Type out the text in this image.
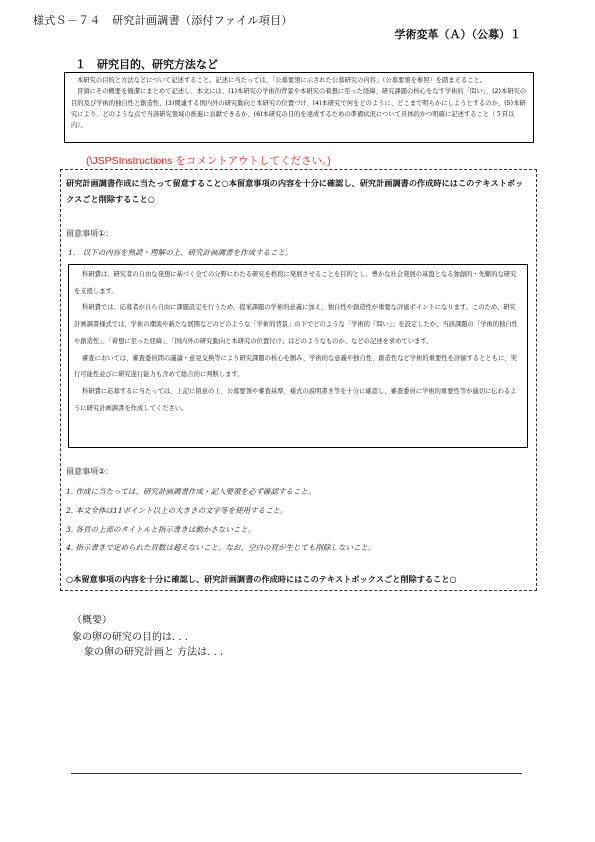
様式Ｓ－７４　研究計画調書（添付ファイル項目）
学術変革（Ａ）（公募）１
１　研究目的、研究方法など

本研究の目的と方法などについて記述すること。記述に当たっては、「公募要領に示された公募研究の内容」（公募要領を参照）を踏まえること。

冒頭にその概要を簡潔にまとめて記述し、本文には、(1)本研究の学術的背景や本研究の着想に至った経緯、研究課題の核心をなす学術的「問い」、(2)本研究の目的及び学術的独自性と創造性、(3)関連する国内外の研究動向と本研究の位置づけ、(4)本研究で何をどのように、どこまで明らかにしようとするのか、(5)本研究により、どのような点で当該研究領域の推進に貢献できるか、(6)本研究の目的を達成するための準備状況について具体的かつ明確に記述すること（５頁以内）。

(\JSPSInstructions をコメントアウトしてください。)
研究計画調書作成に当たって留意すること○本留意事項の内容を十分に確認し、研究計画調書の作成時にはこのテキストボックスごと削除すること○
留意事項①：
1.　以下の内容を熟読・理解の上、研究計画調書を作成すること。

科研費は、研究者の自由な発想に基づく全ての分野にわたる研究を格段に発展させることを目的とし、豊かな社会発展の基盤となる独創的・先駆的な研究を支援します。

科研費では、応募者が自ら自由に課題設定を行うため、提案課題の学術的意義に加え、独自性や創造性が重要な評価ポイントになります。このため、研究計画調書様式では、学術の潮流や新たな展開などのどのような「学術的背景」の下でどのような「学術的『問い』」を設定したか、当該課題の「学術的独自性や創造性」、「着想に至った経緯」、「国内外の研究動向と本研究の位置付け」はどのようなものか、などの記述を求めています。

審査においては、審査委員間の議論・意見交換等により研究課題の核心を掴み、学術的な意義や独自性、創造性など学術的重要性を評価するとともに、実行可能性並びに研究遂行能力も含めて総合的に判断します。

科研費に応募するに当たっては、上記に留意の上、公募要領や審査基準、様式の説明書き等を十分に確認し、審査委員に学術的重要性等が適切に伝わるように研究計画調書を作成してください。

留意事項②：
1. 作成に当たっては、研究計画調書作成・記入要領を必ず確認すること。
2. 本文全体は11ポイント以上の大きさの文字等を使用すること。
3. 各頁の上部のタイトルと指示書きは動かさないこと。
4. 指示書きで定められた頁数は超えないこと。なお、空白の頁が生じても削除しないこと。
○本留意事項の内容を十分に確認し、研究計画調書の作成時にはこのテキストボックスごと削除すること○
（概要）
象の卵の研究の目的は. . .
象の卵の研究計画と 方法は. . .
